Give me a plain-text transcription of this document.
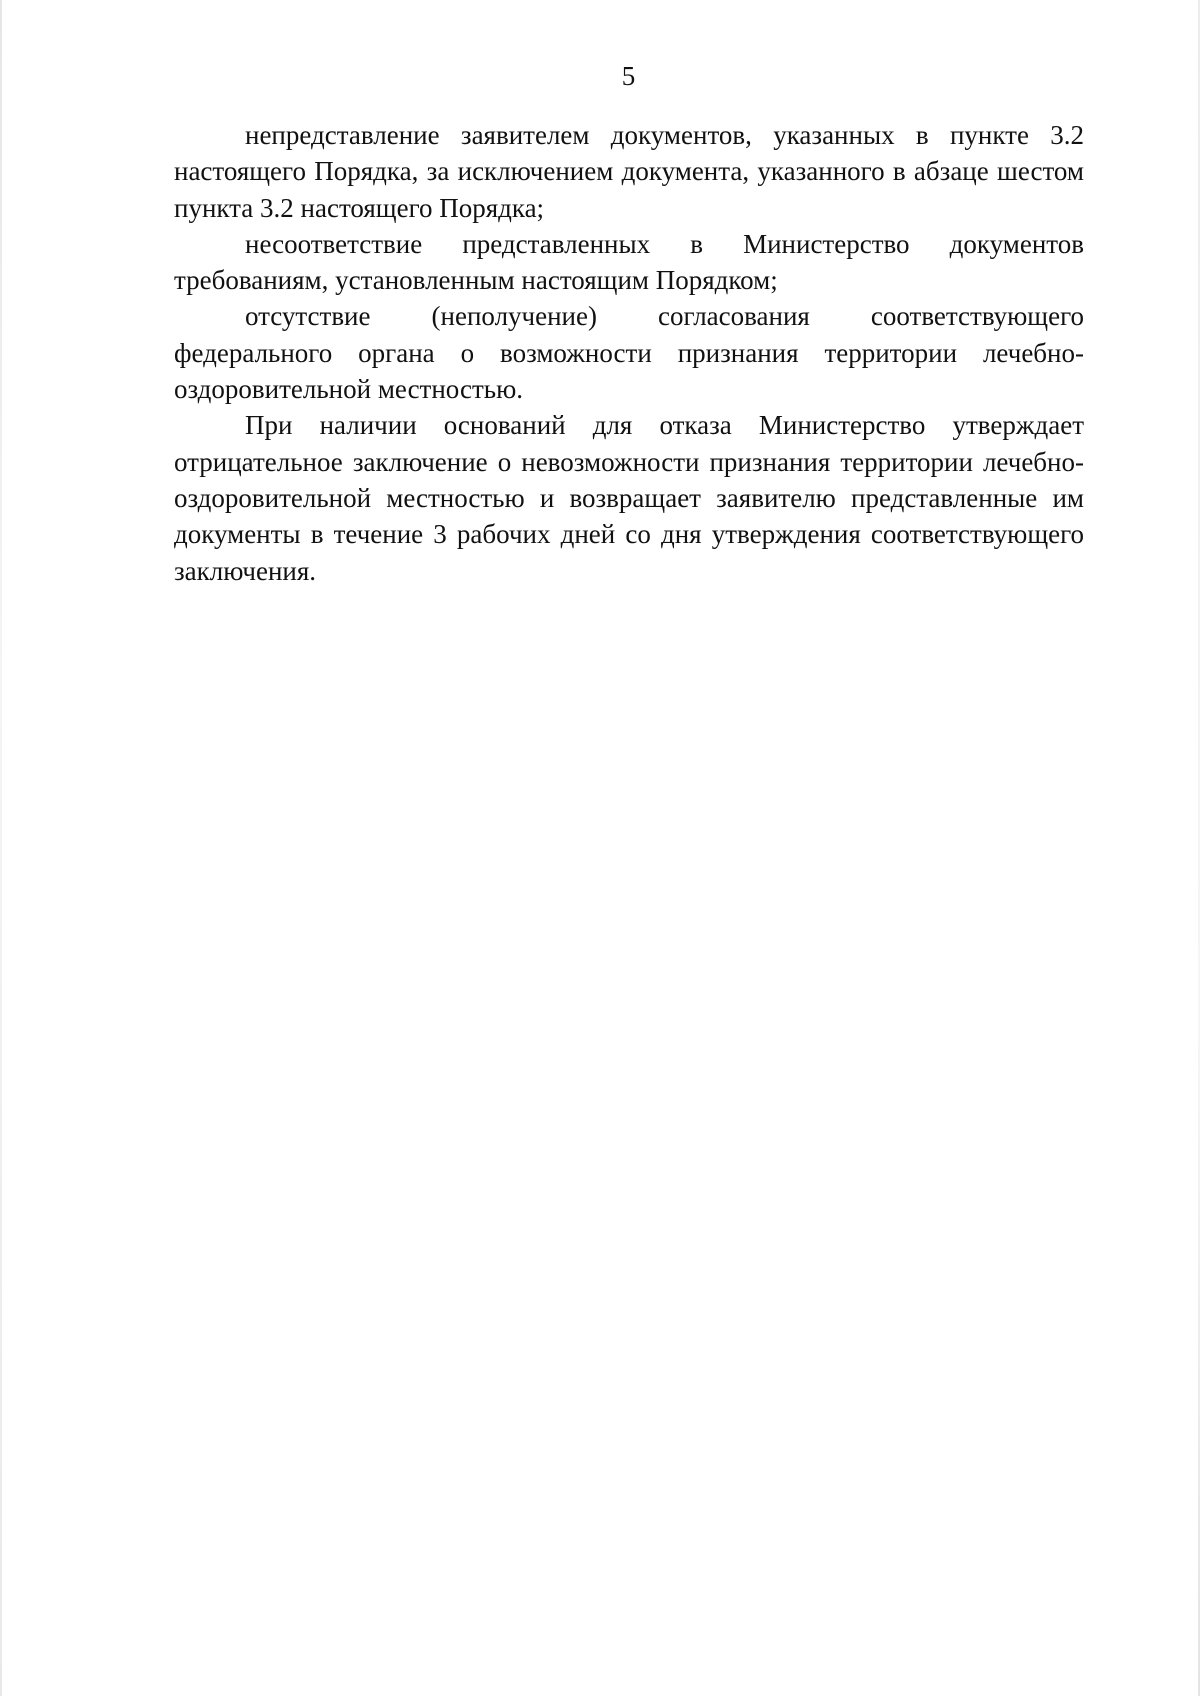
5

непредставление заявителем документов, указанных в пункте 3.2 настоящего Порядка, за исключением документа, указанного в абзаце шестом пункта 3.2 настоящего Порядка;

несоответствие представленных в Министерство документов требованиям, установленным настоящим Порядком;

отсутствие (неполучение) согласования соответствующего федерального органа о возможности признания территории лечебно-оздоровительной местностью.

При наличии оснований для отказа Министерство утверждает отрицательное заключение о невозможности признания территории лечебно-оздоровительной местностью и возвращает заявителю представленные им документы в течение 3 рабочих дней со дня утверждения соответствующего заключения.
